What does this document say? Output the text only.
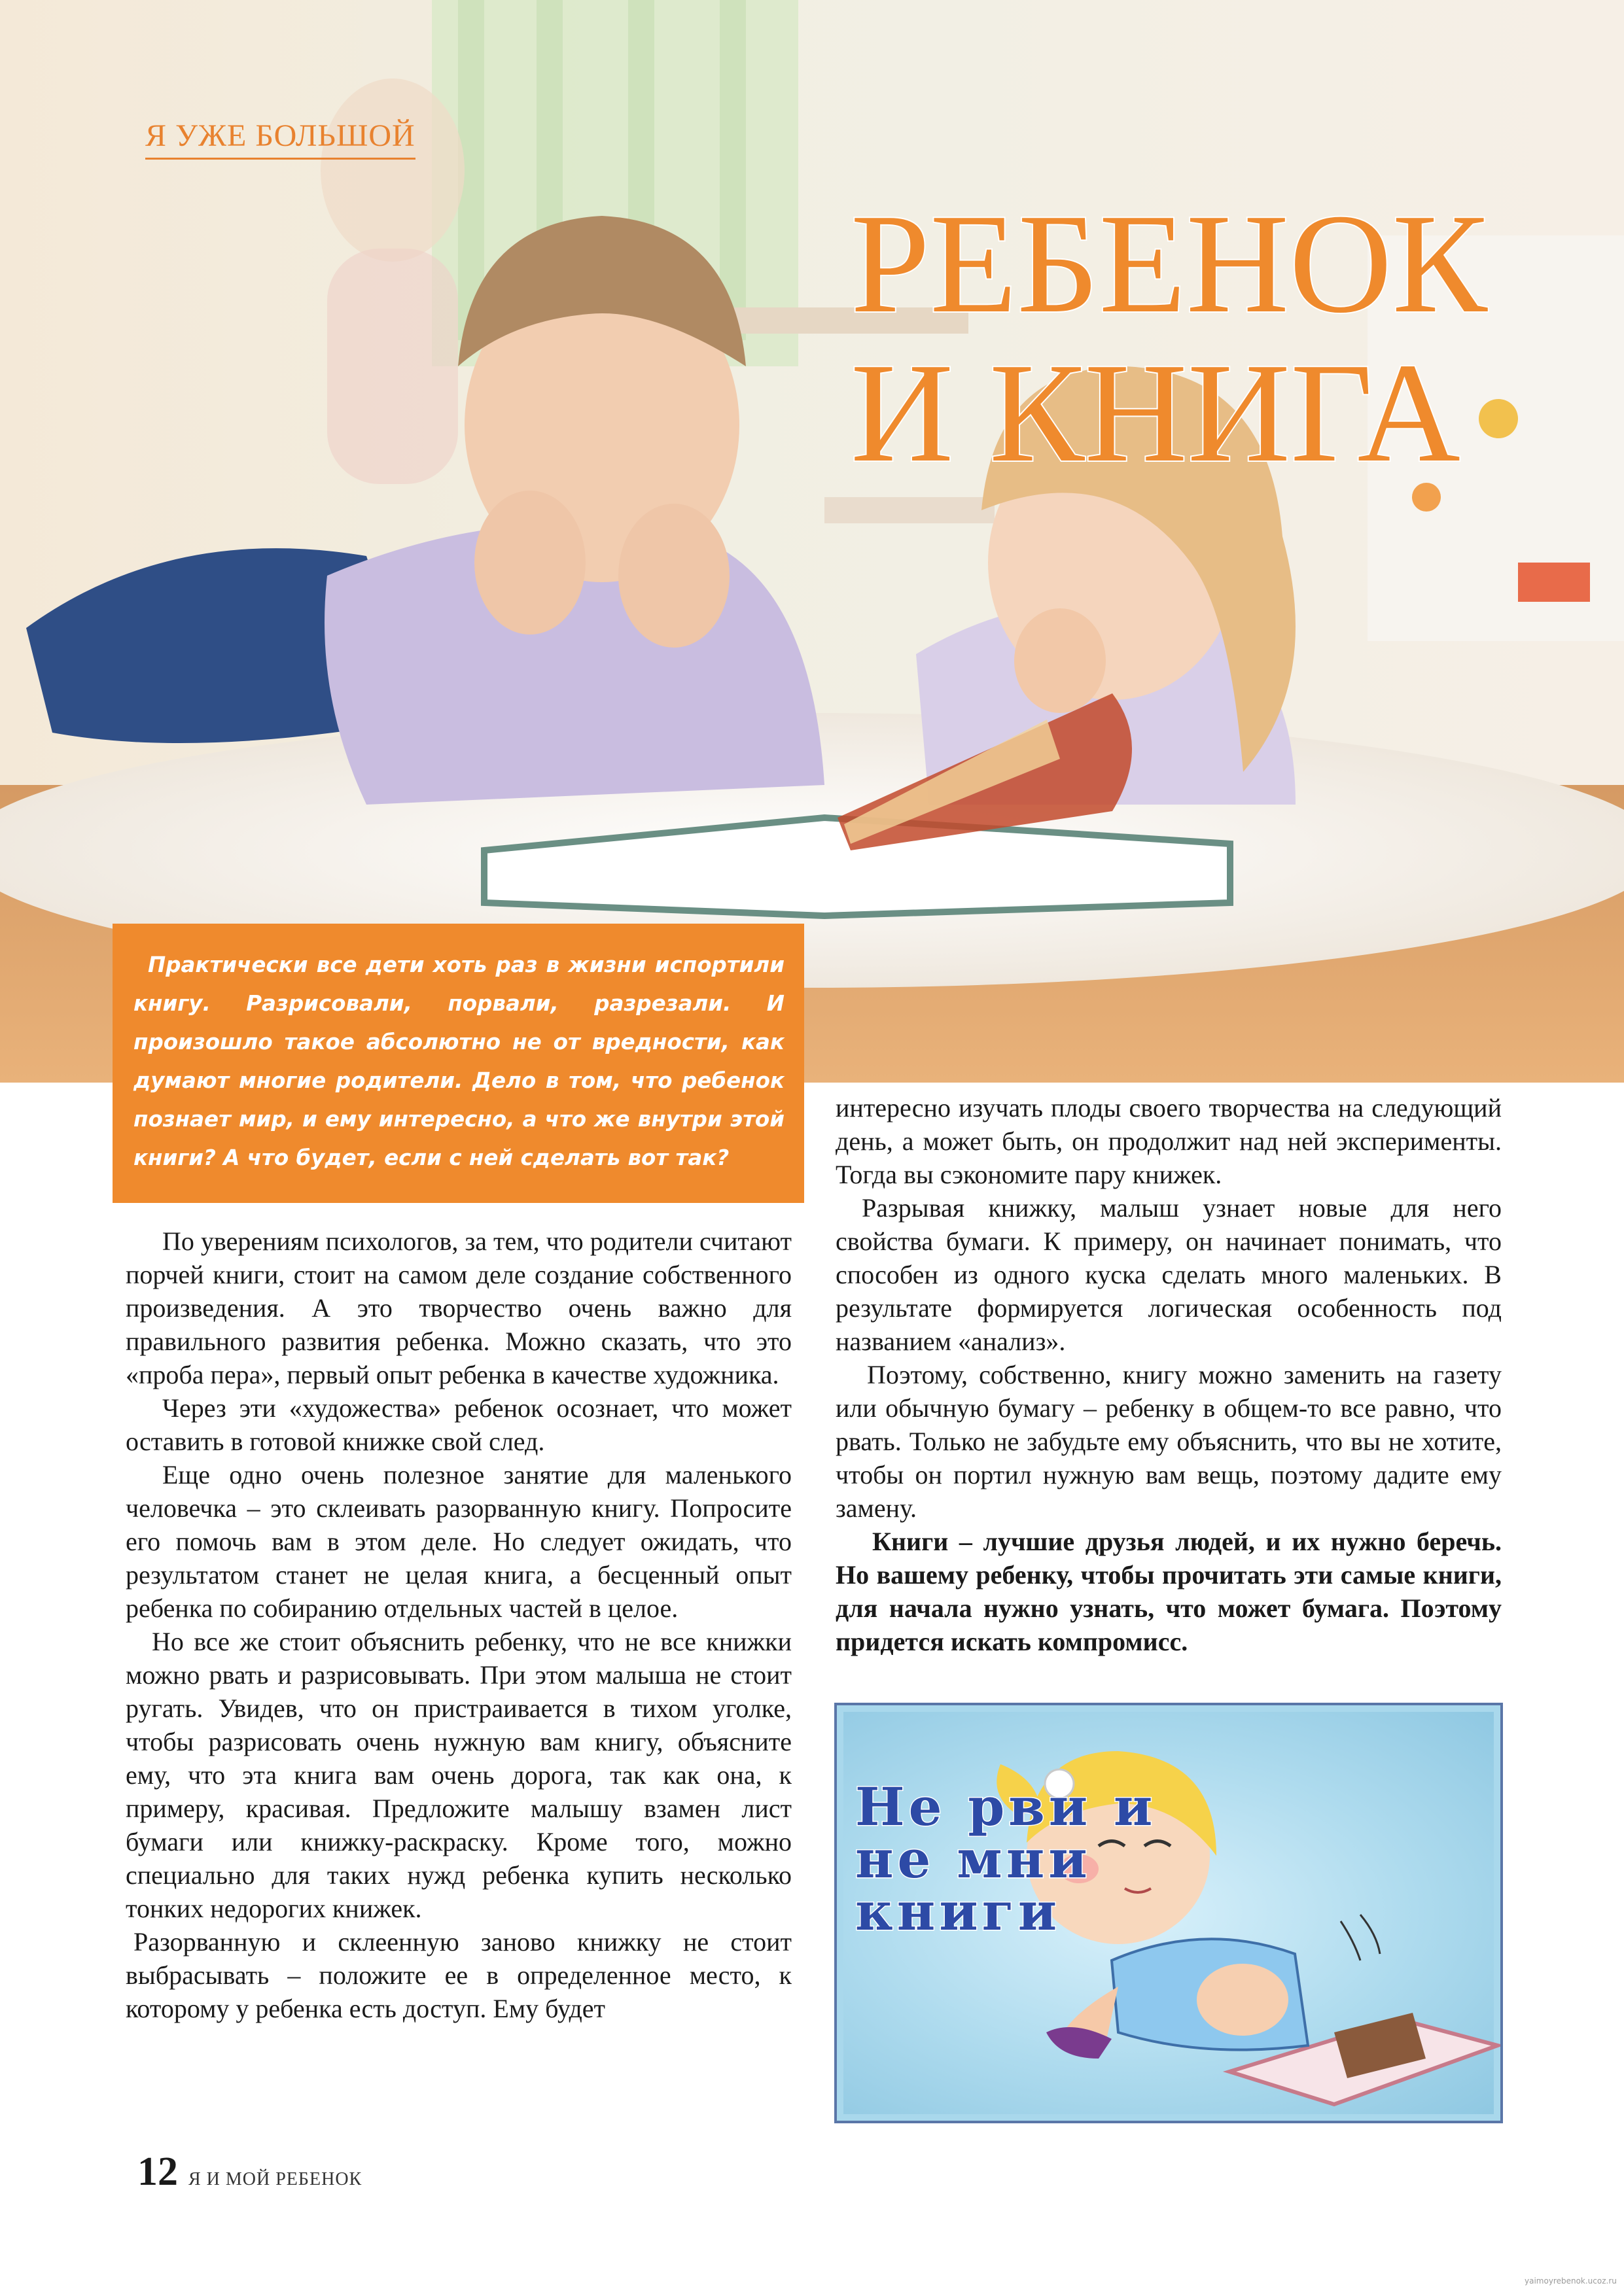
Я УЖЕ БОЛЬШОЙ
РЕБЕНОК
И КНИГА

Практически все дети хоть раз в жизни испортили книгу. Разрисовали, порвали, разрезали. И произошло такое абсолютно не от вредности, как думают многие родители. Дело в том, что ребенок познает мир, и ему интересно, а что же внутри этой книги? А что будет, если с ней сделать вот так?

По уверениям психологов, за тем, что родители считают порчей книги, стоит на самом деле создание собственного произведения. А это творчество очень важно для правильного развития ребенка. Можно сказать, что это «проба пера», первый опыт ребенка в качестве художника.

Через эти «художества» ребенок осознает, что может оставить в готовой книжке свой след.

Еще одно очень полезное занятие для маленького человечка – это склеивать разорванную книгу. Попросите его помочь вам в этом деле. Но следует ожидать, что результатом станет не целая книга, а бесценный опыт ребенка по собиранию отдельных частей в целое.

Но все же стоит объяснить ребенку, что не все книжки можно рвать и разрисовывать. При этом малыша не стоит ругать. Увидев, что он пристраивается в тихом уголке, чтобы разрисовать очень нужную вам книгу, объясните ему, что эта книга вам очень дорога, так как она, к примеру, красивая. Предложите малышу взамен лист бумаги или книжку-раскраску. Кроме того, можно специально для таких нужд ребенка купить несколько тонких недорогих книжек.

Разорванную и склеенную заново книжку не стоит выбрасывать – положите ее в определенное место, к которому у ребенка есть доступ. Ему будет

интересно изучать плоды своего творчества на следующий день, а может быть, он продолжит над ней эксперименты. Тогда вы сэкономите пару книжек.

Разрывая книжку, малыш узнает новые для него свойства бумаги. К примеру, он начинает понимать, что способен из одного куска сделать много маленьких. В результате формируется логическая особенность под названием «анализ».

Поэтому, собственно, книгу можно заменить на газету или обычную бумагу – ребенку в общем-то все равно, что рвать. Только не забудьте ему объяснить, что вы не хотите, чтобы он портил нужную вам вещь, поэтому дадите ему замену.

Книги – лучшие друзья людей, и их нужно беречь. Но вашему ребенку, чтобы прочитать эти самые книги, для начала нужно узнать, что может бумага. Поэтому придется искать компромисс.

Не рви и
не мни
книги
12 Я И МОЙ РЕБЕНОК
yaimoyrebenok.ucoz.ru
